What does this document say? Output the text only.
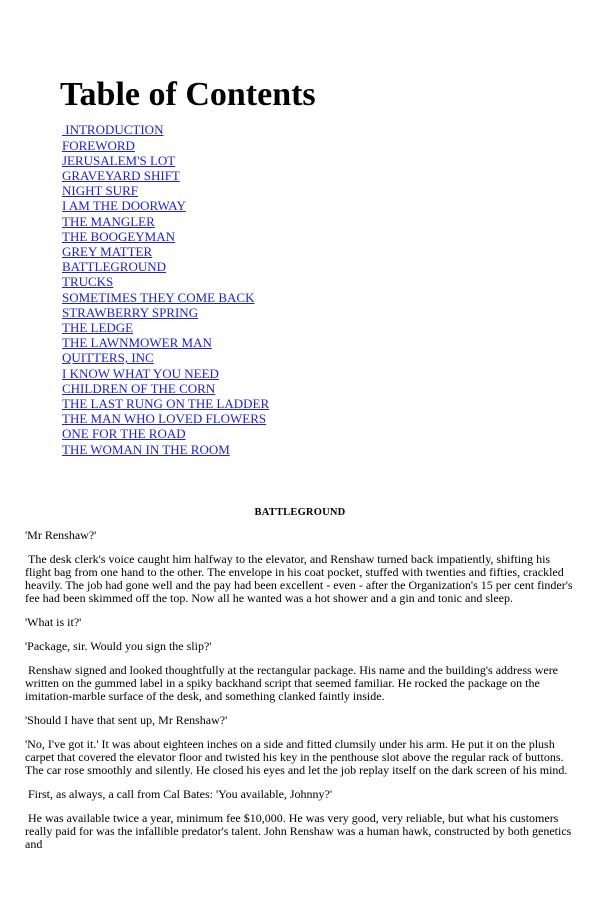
Table of Contents
INTRODUCTION
FOREWORD
JERUSALEM'S LOT
GRAVEYARD SHIFT
NIGHT SURF
I AM THE DOORWAY
THE MANGLER
THE BOOGEYMAN
GREY MATTER
BATTLEGROUND
TRUCKS
SOMETIMES THEY COME BACK
STRAWBERRY SPRING
THE LEDGE
THE LAWNMOWER MAN
QUITTERS, INC
I KNOW WHAT YOU NEED
CHILDREN OF THE CORN
THE LAST RUNG ON THE LADDER
THE MAN WHO LOVED FLOWERS
ONE FOR THE ROAD
THE WOMAN IN THE ROOM
BATTLEGROUND

'Mr Renshaw?'

The desk clerk's voice caught him halfway to the elevator, and Renshaw turned back impatiently, shifting his flight bag from one hand to the other. The envelope in his coat pocket, stuffed with twenties and fifties, crackled heavily. The job had gone well and the pay had been excellent - even - after the Organization's 15 per cent finder's fee had been skimmed off the top. Now all he wanted was a hot shower and a gin and tonic and sleep.

'What is it?'

'Package, sir. Would you sign the slip?'

Renshaw signed and looked thoughtfully at the rectangular package. His name and the building's address were written on the gummed label in a spiky backhand script that seemed familiar. He rocked the package on the imitation-marble surface of the desk, and something clanked faintly inside.

'Should I have that sent up, Mr Renshaw?'

'No, I've got it.' It was about eighteen inches on a side and fitted clumsily under his arm. He put it on the plush carpet that covered the elevator floor and twisted his key in the penthouse slot above the regular rack of buttons. The car rose smoothly and silently. He closed his eyes and let the job replay itself on the dark screen of his mind.

First, as always, a call from Cal Bates: 'You available, Johnny?'

He was available twice a year, minimum fee $10,000. He was very good, very reliable, but what his customers really paid for was the infallible predator's talent. John Renshaw was a human hawk, constructed by both genetics and
